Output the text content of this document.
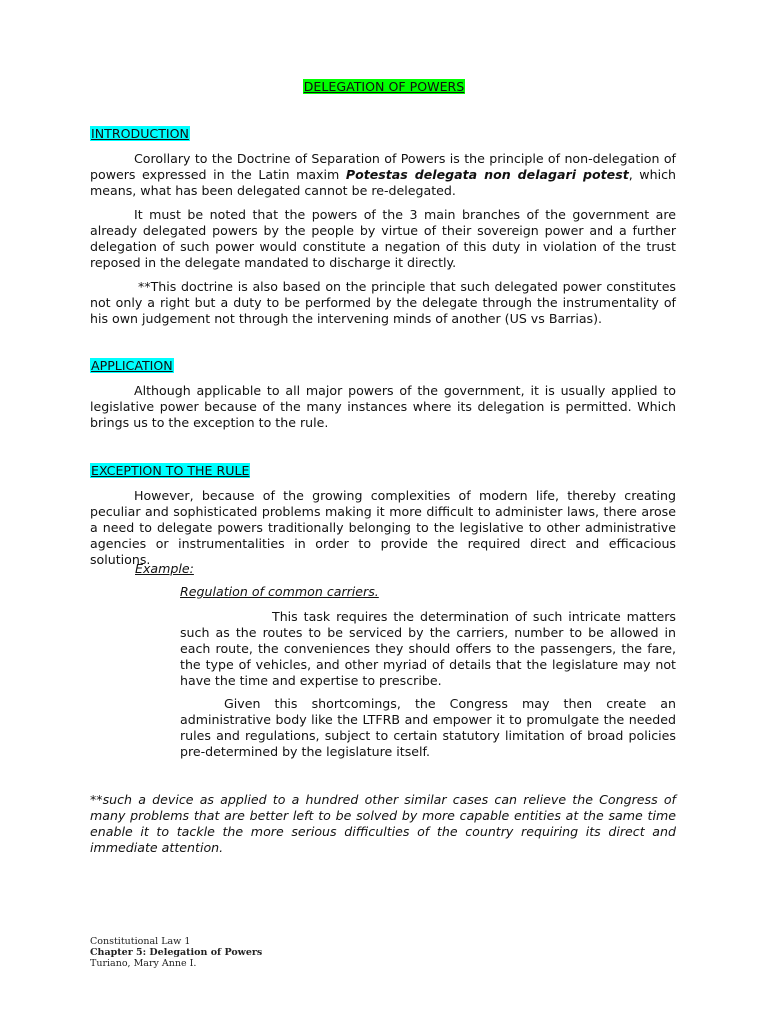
DELEGATION OF POWERS
INTRODUCTION

Corollary to the Doctrine of Separation of Powers is the principle of non-delegation of powers expressed in the Latin maxim Potestas delegata non delagari potest, which means, what has been delegated cannot be re-delegated.

It must be noted that the powers of the 3 main branches of the government are already delegated powers by the people by virtue of their sovereign power and a further delegation of such power would constitute a negation of this duty in violation of the trust reposed in the delegate mandated to discharge it directly.

**This doctrine is also based on the principle that such delegated power constitutes not only a right but a duty to be performed by the delegate through the instrumentality of his own judgement not through the intervening minds of another (US vs Barrias).

APPLICATION

Although applicable to all major powers of the government, it is usually applied to legislative power because of the many instances where its delegation is permitted. Which brings us to the exception to the rule.

EXCEPTION TO THE RULE

However, because of the growing complexities of modern life, thereby creating peculiar and sophisticated problems making it more difficult to administer laws, there arose a need to delegate powers traditionally belonging to the legislative to other administrative agencies or instrumentalities in order to provide the required direct and efficacious solutions.

Example:
Regulation of common carriers.

This task requires the determination of such intricate matters such as the routes to be serviced by the carriers, number to be allowed in each route, the conveniences they should offers to the passengers, the fare, the type of vehicles, and other myriad of details that the legislature may not have the time and expertise to prescribe.

Given this shortcomings, the Congress may then create an administrative body like the LTFRB and empower it to promulgate the needed rules and regulations, subject to certain statutory limitation of broad policies pre-determined by the legislature itself.

**such a device as applied to a hundred other similar cases can relieve the Congress of many problems that are better left to be solved by more capable entities at the same time enable it to tackle the more serious difficulties of the country requiring its direct and immediate attention.

Constitutional Law 1
Chapter 5: Delegation of Powers
Turiano, Mary Anne I.
